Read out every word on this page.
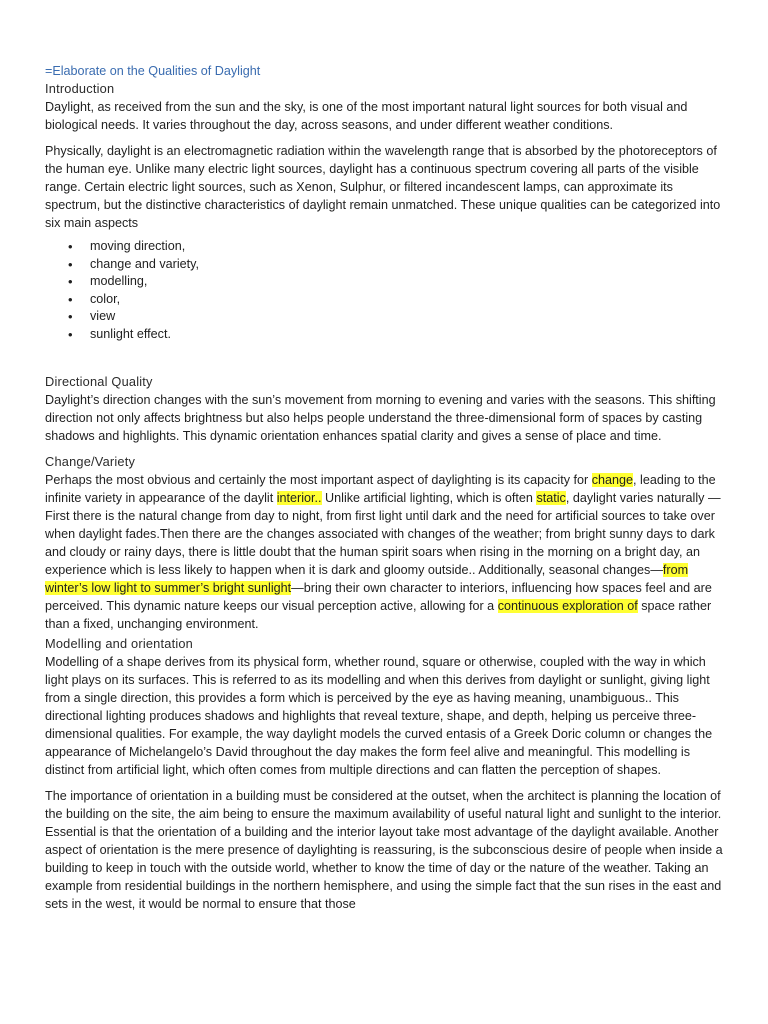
=Elaborate on the Qualities of Daylight
Introduction

Daylight, as received from the sun and the sky, is one of the most important natural light sources for both visual and biological needs. It varies throughout the day, across seasons, and under different weather conditions.

Physically, daylight is an electromagnetic radiation within the wavelength range that is absorbed by the photoreceptors of the human eye. Unlike many electric light sources, daylight has a continuous spectrum covering all parts of the visible range. Certain electric light sources, such as Xenon, Sulphur, or filtered incandescent lamps, can approximate its spectrum, but the distinctive characteristics of daylight remain unmatched. These unique qualities can be categorized into six main aspects

• moving direction,
• change and variety,
• modelling,
• color,
• view
• sunlight effect.
Directional Quality

Daylight’s direction changes with the sun’s movement from morning to evening and varies with the seasons. This shifting direction not only affects brightness but also helps people understand the three-dimensional form of spaces by casting shadows and highlights. This dynamic orientation enhances spatial clarity and gives a sense of place and time.

Change/Variety

Perhaps the most obvious and certainly the most important aspect of daylighting is its capacity for change, leading to the infinite variety in appearance of the daylit interior.. Unlike artificial lighting, which is often static, daylight varies naturally — First there is the natural change from day to night, from first light until dark and the need for artificial sources to take over when daylight fades.Then there are the changes associated with changes of the weather; from bright sunny days to dark and cloudy or rainy days, there is little doubt that the human spirit soars when rising in the morning on a bright day, an experience which is less likely to happen when it is dark and gloomy outside.. Additionally, seasonal changes—from winter’s low light to summer’s bright sunlight—bring their own character to interiors, influencing how spaces feel and are perceived. This dynamic nature keeps our visual perception active, allowing for a continuous exploration of space rather than a fixed, unchanging environment.

Modelling and orientation

Modelling of a shape derives from its physical form, whether round, square or otherwise, coupled with the way in which light plays on its surfaces. This is referred to as its modelling and when this derives from daylight or sunlight, giving light from a single direction, this provides a form which is perceived by the eye as having meaning, unambiguous.. This directional lighting produces shadows and highlights that reveal texture, shape, and depth, helping us perceive three-dimensional qualities. For example, the way daylight models the curved entasis of a Greek Doric column or changes the appearance of Michelangelo’s David throughout the day makes the form feel alive and meaningful. This modelling is distinct from artificial light, which often comes from multiple directions and can flatten the perception of shapes.

The importance of orientation in a building must be considered at the outset, when the architect is planning the location of the building on the site, the aim being to ensure the maximum availability of useful natural light and sunlight to the interior. Essential is that the orientation of a building and the interior layout take most advantage of the daylight available. Another aspect of orientation is the mere presence of daylighting is reassuring, is the subconscious desire of people when inside a building to keep in touch with the outside world, whether to know the time of day or the nature of the weather. Taking an example from residential buildings in the northern hemisphere, and using the simple fact that the sun rises in the east and sets in the west, it would be normal to ensure that those
